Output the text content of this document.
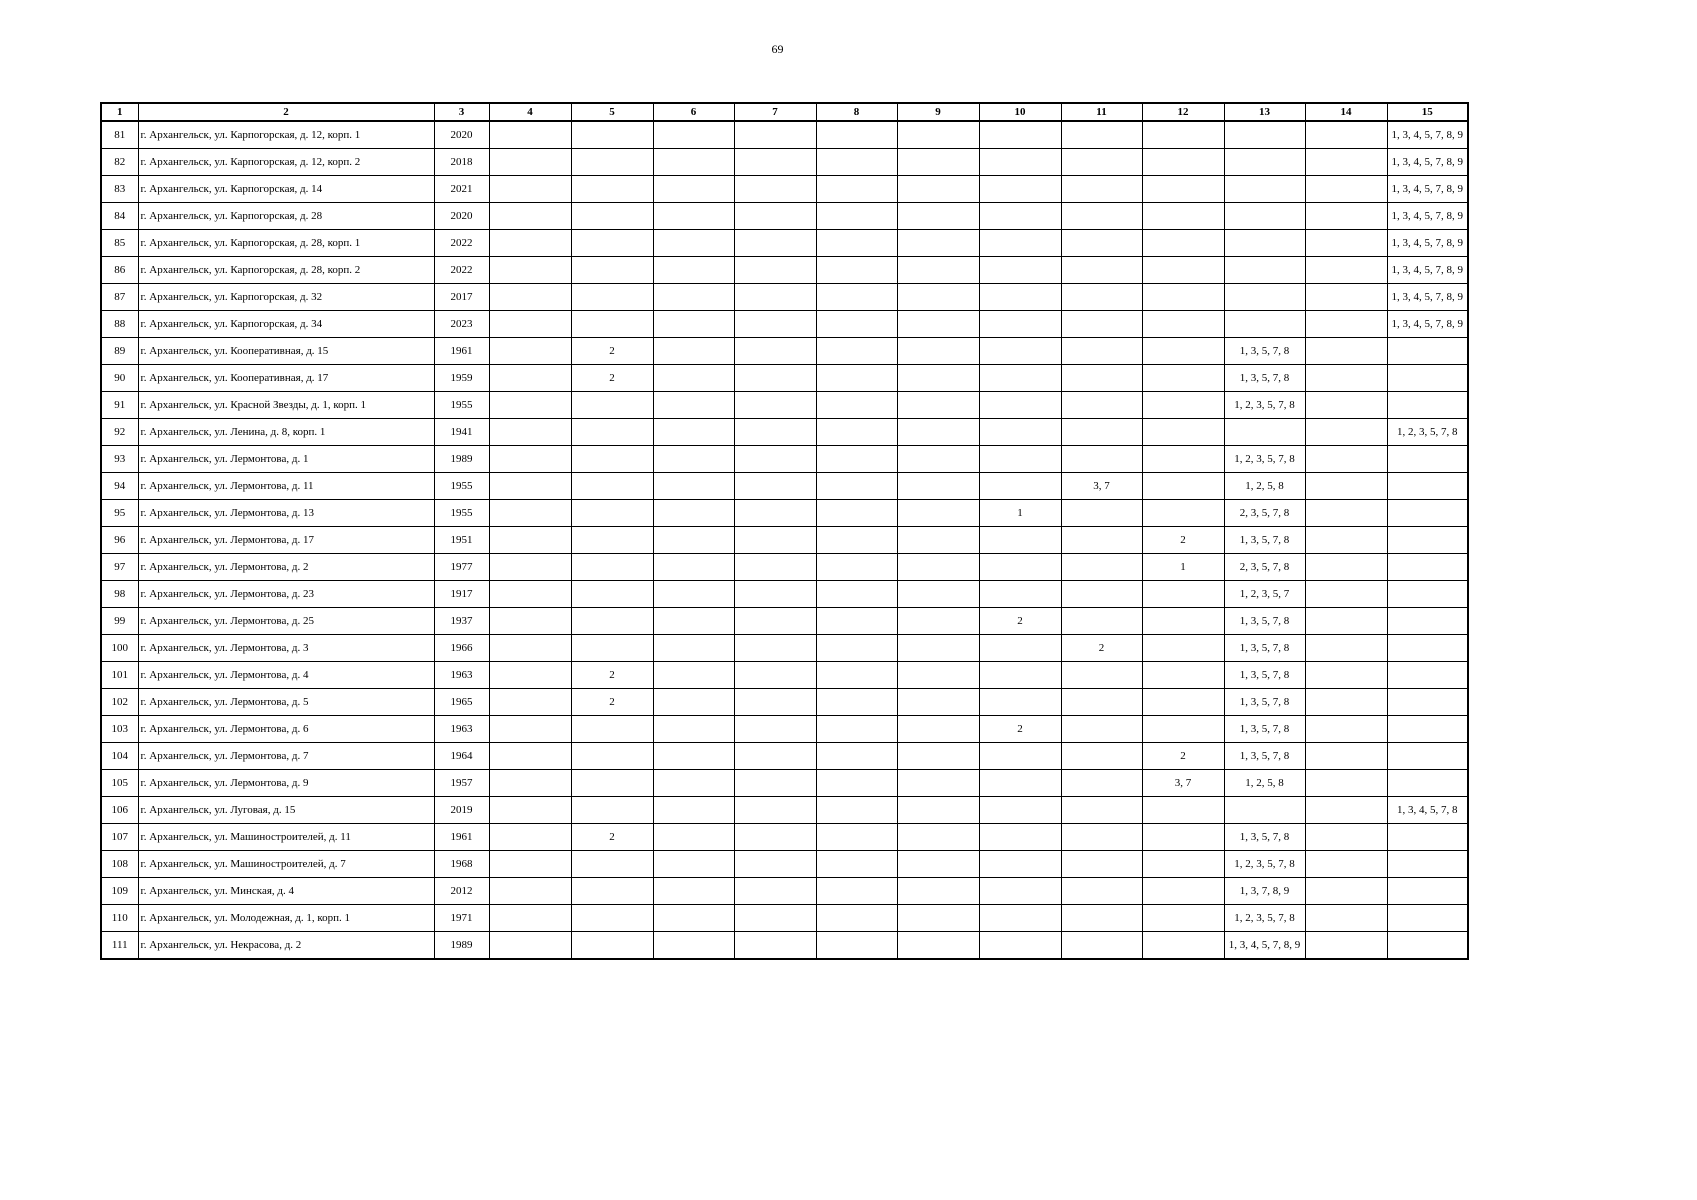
69
1	2	3	4	5	6	7	8	9	10	11	12	13	14	15
81	г. Архангельск, ул. Карпогорская, д. 12, корп. 1	2020												1, 3, 4, 5, 7, 8, 9
82	г. Архангельск, ул. Карпогорская, д. 12, корп. 2	2018												1, 3, 4, 5, 7, 8, 9
83	г. Архангельск, ул. Карпогорская, д. 14	2021												1, 3, 4, 5, 7, 8, 9
84	г. Архангельск, ул. Карпогорская, д. 28	2020												1, 3, 4, 5, 7, 8, 9
85	г. Архангельск, ул. Карпогорская, д. 28, корп. 1	2022												1, 3, 4, 5, 7, 8, 9
86	г. Архангельск, ул. Карпогорская, д. 28, корп. 2	2022												1, 3, 4, 5, 7, 8, 9
87	г. Архангельск, ул. Карпогорская, д. 32	2017												1, 3, 4, 5, 7, 8, 9
88	г. Архангельск, ул. Карпогорская, д. 34	2023												1, 3, 4, 5, 7, 8, 9
89	г. Архангельск, ул. Кооперативная, д. 15	1961		2								1, 3, 5, 7, 8		
90	г. Архангельск, ул. Кооперативная, д. 17	1959		2								1, 3, 5, 7, 8		
91	г. Архангельск, ул. Красной Звезды, д. 1, корп. 1	1955										1, 2, 3, 5, 7, 8		
92	г. Архангельск, ул. Ленина, д. 8, корп. 1	1941												1, 2, 3, 5, 7, 8
93	г. Архангельск, ул. Лермонтова, д. 1	1989										1, 2, 3, 5, 7, 8		
94	г. Архангельск, ул. Лермонтова, д. 11	1955								3, 7		1, 2, 5, 8		
95	г. Архангельск, ул. Лермонтова, д. 13	1955							1			2, 3, 5, 7, 8		
96	г. Архангельск, ул. Лермонтова, д. 17	1951									2	1, 3, 5, 7, 8		
97	г. Архангельск, ул. Лермонтова, д. 2	1977									1	2, 3, 5, 7, 8		
98	г. Архангельск, ул. Лермонтова, д. 23	1917										1, 2, 3, 5, 7		
99	г. Архангельск, ул. Лермонтова, д. 25	1937							2			1, 3, 5, 7, 8		
100	г. Архангельск, ул. Лермонтова, д. 3	1966								2		1, 3, 5, 7, 8		
101	г. Архангельск, ул. Лермонтова, д. 4	1963		2								1, 3, 5, 7, 8		
102	г. Архангельск, ул. Лермонтова, д. 5	1965		2								1, 3, 5, 7, 8		
103	г. Архангельск, ул. Лермонтова, д. 6	1963							2			1, 3, 5, 7, 8		
104	г. Архангельск, ул. Лермонтова, д. 7	1964									2	1, 3, 5, 7, 8		
105	г. Архангельск, ул. Лермонтова, д. 9	1957									3, 7	1, 2, 5, 8		
106	г. Архангельск, ул. Луговая, д. 15	2019												1, 3, 4, 5, 7, 8
107	г. Архангельск, ул. Машиностроителей, д. 11	1961		2								1, 3, 5, 7, 8		
108	г. Архангельск, ул. Машиностроителей, д. 7	1968										1, 2, 3, 5, 7, 8		
109	г. Архангельск, ул. Минская, д. 4	2012										1, 3, 7, 8, 9		
110	г. Архангельск, ул. Молодежная, д. 1, корп. 1	1971										1, 2, 3, 5, 7, 8		
111	г. Архангельск, ул. Некрасова, д. 2	1989										1, 3, 4, 5, 7, 8, 9		
